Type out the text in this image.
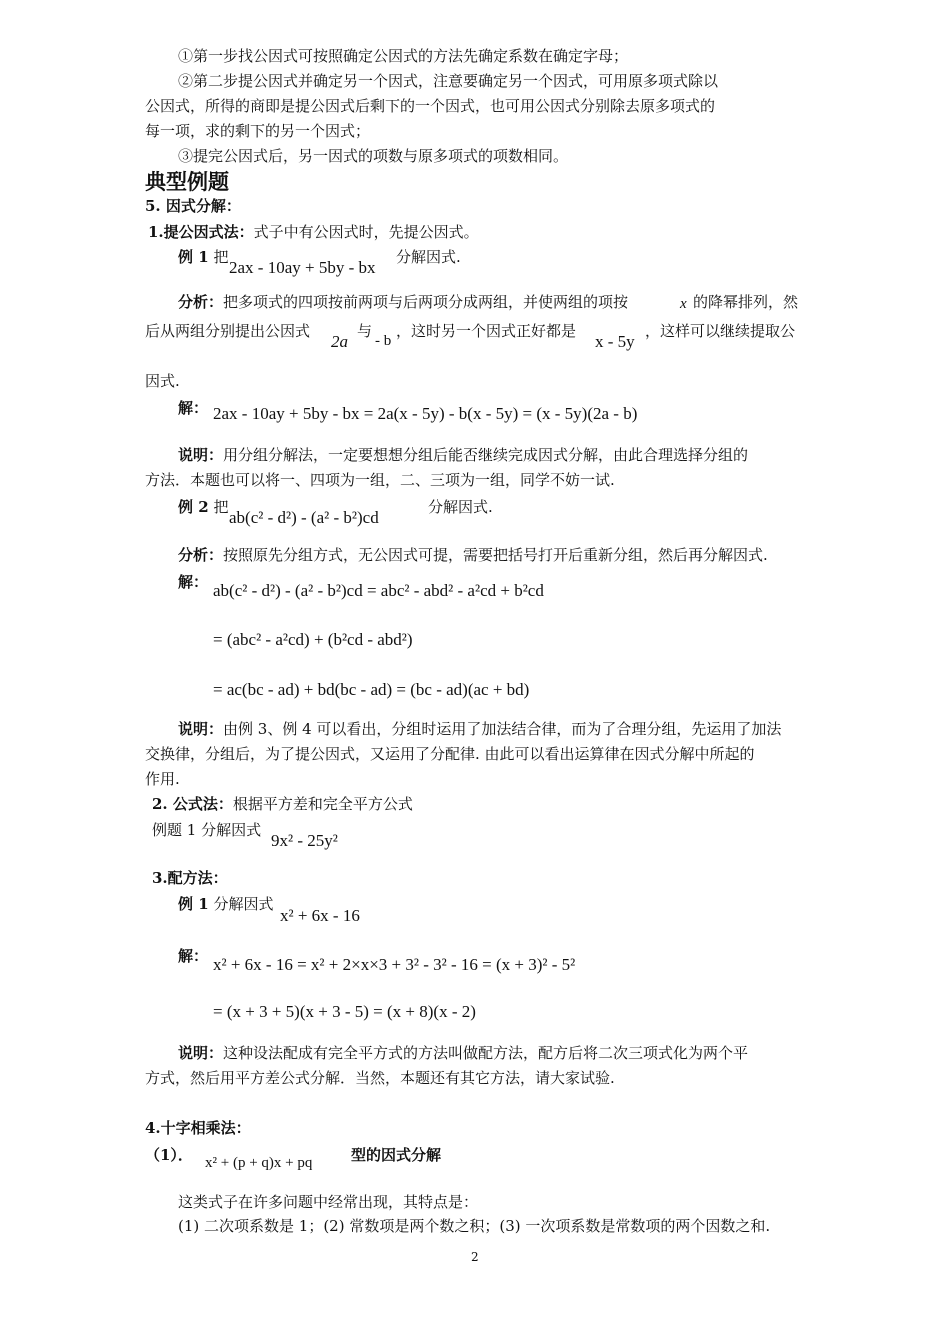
①第一步找公因式可按照确定公因式的方法先确定系数在确定字母；
②第二步提公因式并确定另一个因式，注意要确定另一个因式，可用原多项式除以
公因式，所得的商即是提公因式后剩下的一个因式，也可用公因式分别除去原多项式的
每一项，求的剩下的另一个因式；
③提完公因式后，另一因式的项数与原多项式的项数相同。
典型例题
5. 因式分解：
1.提公因式法：式子中有公因式时，先提公因式。
例 1 把
2ax - 10ay + 5by - bx
分解因式.
分析：把多项式的四项按前两项与后两项分成两组，并使两组的项按	x 的降幂排列，然
后从两组分别提出公因式
2a
与
- b
，这时另一个因式正好都是
x - 5y
，这样可以继续提取公
因式.
解： 2ax - 10ay + 5by - bx = 2a(x - 5y) - b(x - 5y) = (x - 5y)(2a - b)
说明：用分组分解法，一定要想想分组后能否继续完成因式分解，由此合理选择分组的
方法．本题也可以将一、四项为一组，二、三项为一组，同学不妨一试.
例 2 把
ab(c² - d²) - (a² - b²)cd
分解因式.
分析：按照原先分组方式，无公因式可提，需要把括号打开后重新分组，然后再分解因式.
解： ab(c² - d²) - (a² - b²)cd = abc² - abd² - a²cd + b²cd
= (abc² - a²cd) + (b²cd - abd²)
= ac(bc - ad) + bd(bc - ad) = (bc - ad)(ac + bd)
说明：由例 3、例 4 可以看出，分组时运用了加法结合律，而为了合理分组，先运用了加法
交换律，分组后，为了提公因式，又运用了分配律. 由此可以看出运算律在因式分解中所起的
作用.
2. 公式法：根据平方差和完全平方公式
例题 1 分解因式
9x² - 25y²
3.配方法：
例 1 分解因式
x² + 6x - 16
解： x² + 6x - 16 = x² + 2×x×3 + 3² - 3² - 16 = (x + 3)² - 5²
= (x + 3 + 5)(x + 3 - 5) = (x + 8)(x - 2)
说明：这种设法配成有完全平方式的方法叫做配方法，配方后将二次三项式化为两个平
方式，然后用平方差公式分解．当然，本题还有其它方法，请大家试验.
4.十字相乘法：
（1）． x² + (p + q)x + pq	型的因式分解
这类式子在许多问题中经常出现，其特点是：
(1) 二次项系数是 1；(2) 常数项是两个数之积；(3) 一次项系数是常数项的两个因数之和.
2
